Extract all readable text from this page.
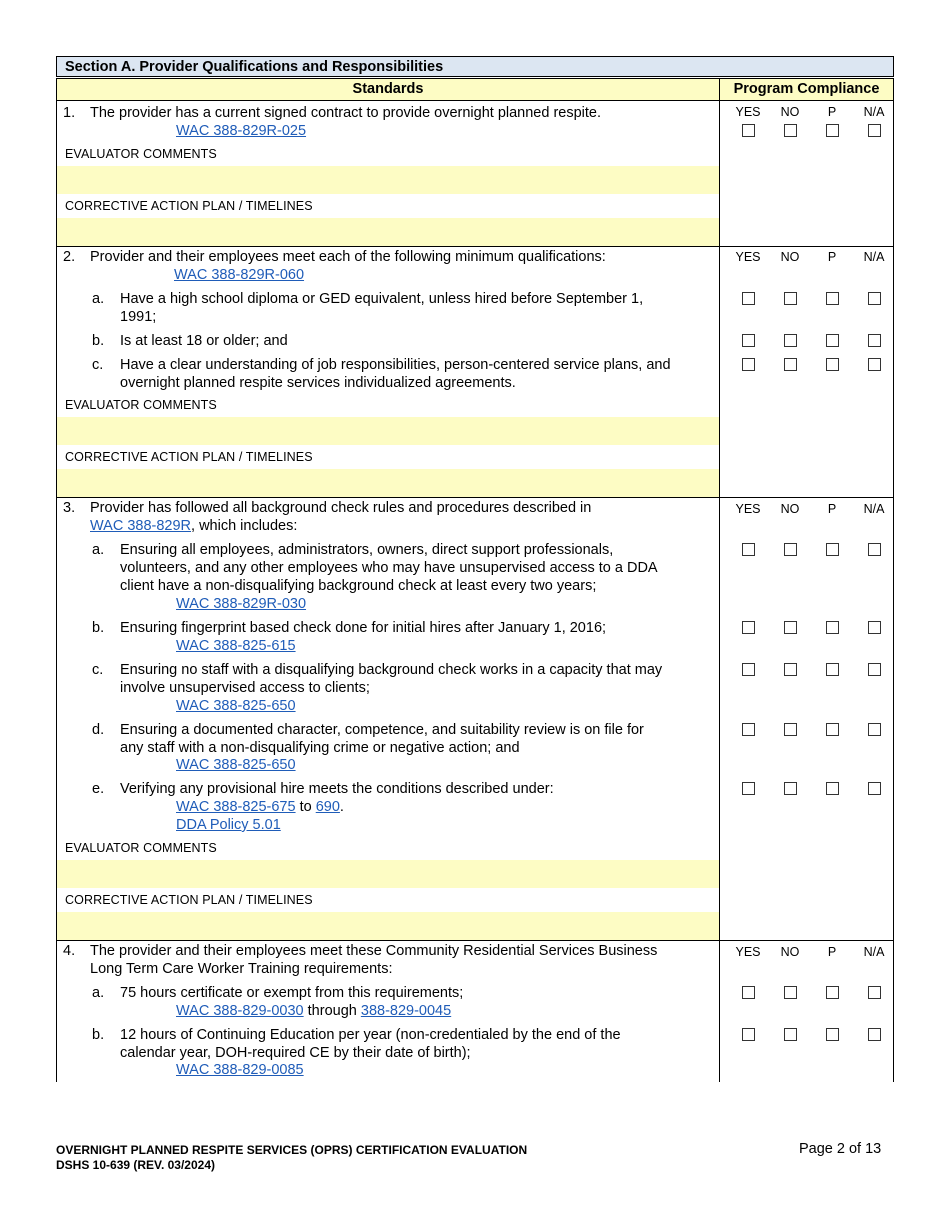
Section A. Provider Qualifications and Responsibilities
Standards	Program Compliance
1. The provider has a current signed contract to provide overnight planned respite.
WAC 388-829R-025
YES	NO	P	N/A
EVALUATOR COMMENTS
CORRECTIVE ACTION PLAN / TIMELINES
2. Provider and their employees meet each of the following minimum qualifications:
WAC 388-829R-060
YES	NO	P	N/A
a. Have a high school diploma or GED equivalent, unless hired before September 1,
1991;
b. Is at least 18 or older; and
c. Have a clear understanding of job responsibilities, person-centered service plans, and
overnight planned respite services individualized agreements.
EVALUATOR COMMENTS
CORRECTIVE ACTION PLAN / TIMELINES
3. Provider has followed all background check rules and procedures described in
WAC 388-829R, which includes:
YES	NO	P	N/A
a. Ensuring all employees, administrators, owners, direct support professionals,
volunteers, and any other employees who may have unsupervised access to a DDA
client have a non-disqualifying background check at least every two years;
WAC 388-829R-030
b. Ensuring fingerprint based check done for initial hires after January 1, 2016;
WAC 388-825-615
c. Ensuring no staff with a disqualifying background check works in a capacity that may
involve unsupervised access to clients;
WAC 388-825-650
d. Ensuring a documented character, competence, and suitability review is on file for
any staff with a non-disqualifying crime or negative action; and
WAC 388-825-650
e. Verifying any provisional hire meets the conditions described under:
WAC 388-825-675 to 690.
DDA Policy 5.01
EVALUATOR COMMENTS
CORRECTIVE ACTION PLAN / TIMELINES
4. The provider and their employees meet these Community Residential Services Business
Long Term Care Worker Training requirements:
YES	NO	P	N/A
a. 75 hours certificate or exempt from this requirements;
WAC 388-829-0030 through 388-829-0045
b. 12 hours of Continuing Education per year (non-credentialed by the end of the
calendar year, DOH-required CE by their date of birth);
WAC 388-829-0085
OVERNIGHT PLANNED RESPITE SERVICES (OPRS) CERTIFICATION EVALUATION
DSHS 10-639 (REV. 03/2024)
Page 2 of 13
